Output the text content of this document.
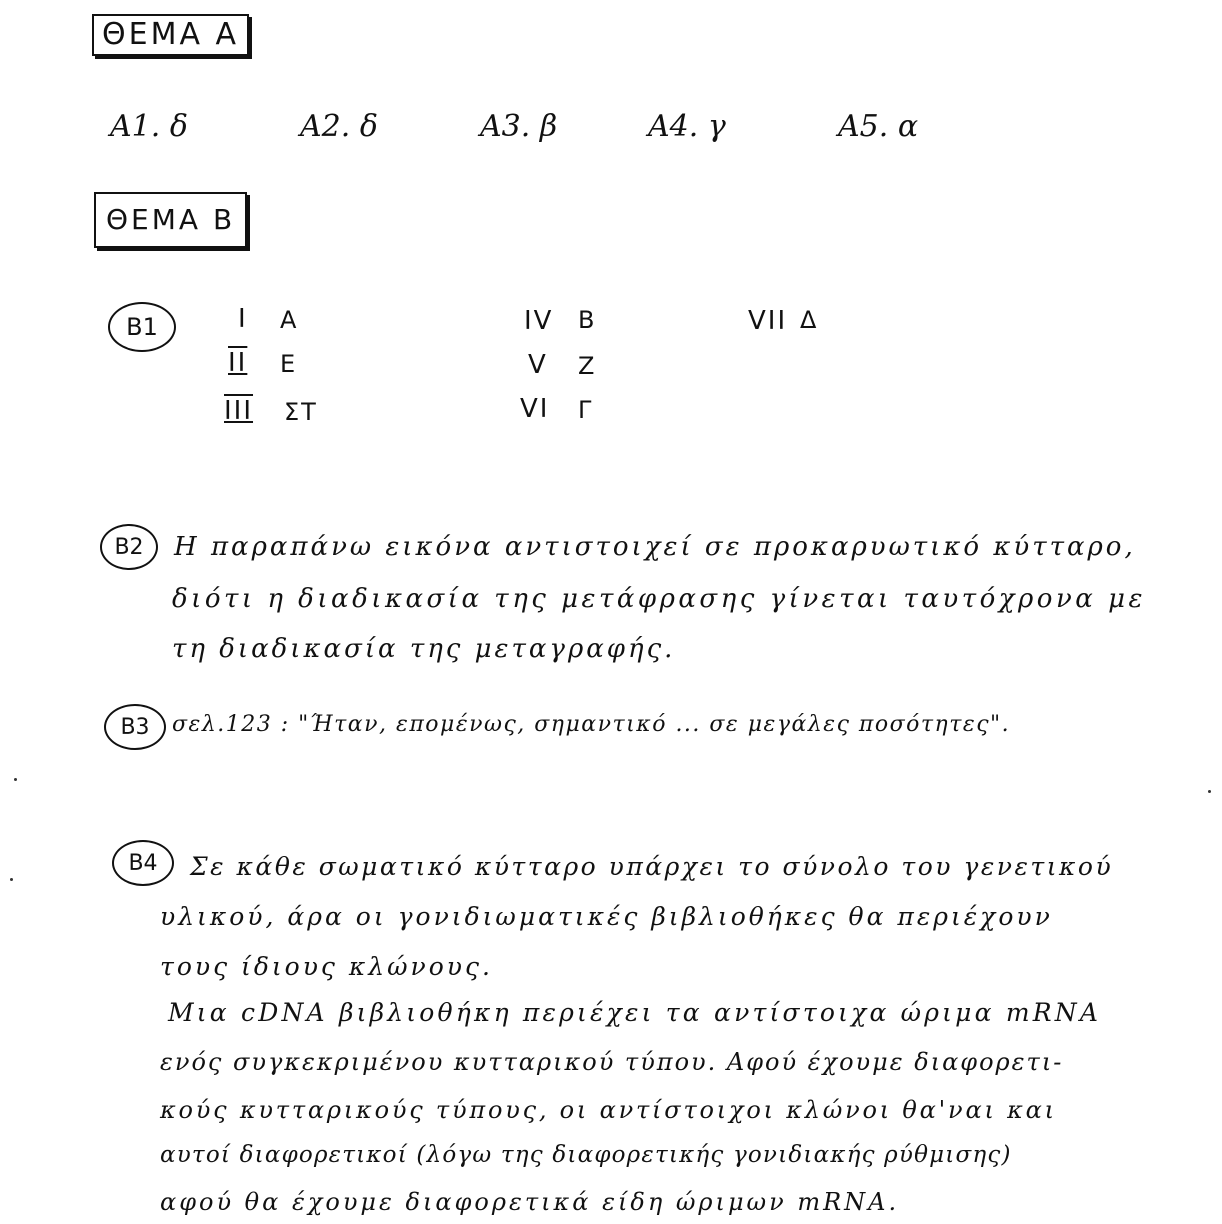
ΘΕΜΑ Α
Α1. δ	Α2. δ	Α3. β	Α4. γ	Α5. α
ΘΕΜΑ Β
Β1	Ι Α
ΙΙ Ε
ΙΙΙ ΣΤ
ΙV Β
V Ζ
VΙ Γ
VΙΙ Δ
Β2	Η παραπάνω εικόνα αντιστοιχεί σε προκαρυωτικό κύτταρο,
διότι η διαδικασία της μετάφρασης γίνεται ταυτόχρονα με
τη διαδικασία της μεταγραφής.
Β3	σελ.123 : "Ήταν, επομένως, σημαντικό ... σε μεγάλες ποσότητες".
Β4	Σε κάθε σωματικό κύτταρο υπάρχει το σύνολο του γενετικού
υλικού, άρα οι γονιδιωματικές βιβλιοθήκες θα περιέχουν
τους ίδιους κλώνους.
Μια cDNA βιβλιοθήκη περιέχει τα αντίστοιχα ώριμα mRNA
ενός συγκεκριμένου κυτταρικού τύπου. Αφού έχουμε διαφορετι-
κούς κυτταρικούς τύπους, οι αντίστοιχοι κλώνοι θα'ναι και
αυτοί διαφορετικοί (λόγω της διαφορετικής γονιδιακής ρύθμισης)
αφού θα έχουμε διαφορετικά είδη ώριμων mRNA.
